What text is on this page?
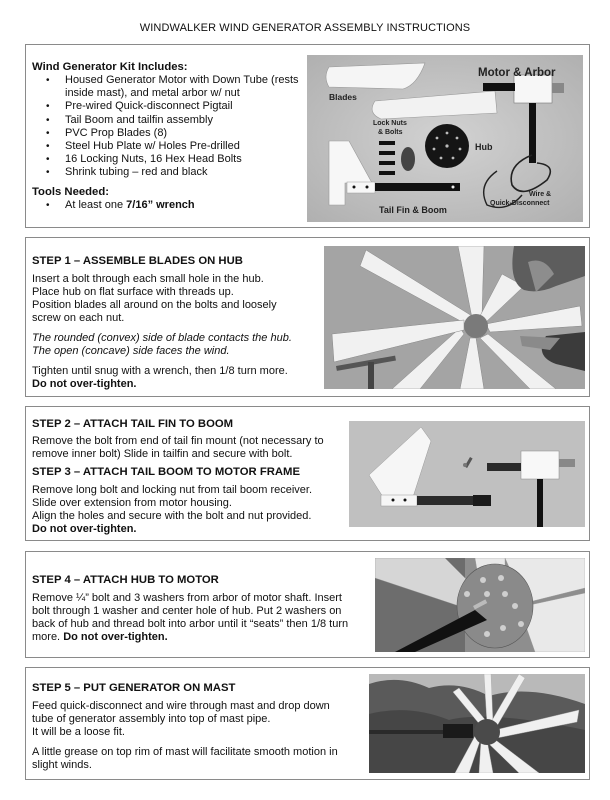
WINDWALKER WIND GENERATOR ASSEMBLY INSTRUCTIONS
Wind Generator Kit Includes:
• Housed Generator Motor with Down Tube (rests inside mast), and metal arbor w/ nut
• Pre-wired Quick-disconnect Pigtail
• Tail Boom and tailfin assembly
• PVC Prop Blades (8)
• Steel Hub Plate w/ Holes Pre-drilled
• 16 Locking Nuts, 16 Hex Head Bolts
• Shrink tubing – red and black
Tools Needed:
• At least one 7/16” wrench
Motor & Arbor
Blades
Lock Nuts
& Bolts
Hub
Tail Fin & Boom
Wire &
Quick-Disconnect
STEP 1 – ASSEMBLE BLADES ON HUB

Insert a bolt through each small hole in the hub.

Place hub on flat surface with threads up.

Position blades all around on the bolts and loosely

screw on each nut.

The rounded (convex) side of blade contacts the hub.

The open (concave) side faces the wind.

Tighten until snug with a wrench, then 1/8 turn more.

Do not over-tighten.

STEP 2 – ATTACH TAIL FIN TO BOOM

Remove the bolt from end of tail fin mount (not necessary to

remove inner bolt) Slide in tailfin and secure with bolt.

STEP 3 – ATTACH TAIL BOOM TO MOTOR FRAME

Remove long bolt and locking nut from tail boom receiver.

Slide over extension from motor housing.

Align the holes and secure with the bolt and nut provided.

Do not over-tighten.

STEP 4 – ATTACH HUB TO MOTOR

Remove ¼” bolt and 3 washers from arbor of motor shaft. Insert

bolt through 1 washer and center hole of hub. Put 2 washers on

back of hub and thread bolt into arbor until it “seats” then 1/8 turn

more. Do not over-tighten.

STEP 5 – PUT GENERATOR ON MAST

Feed quick-disconnect and wire through mast and drop down

tube of generator assembly into top of mast pipe.

It will be a loose fit.

A little grease on top rim of mast will facilitate smooth motion in

slight winds.
